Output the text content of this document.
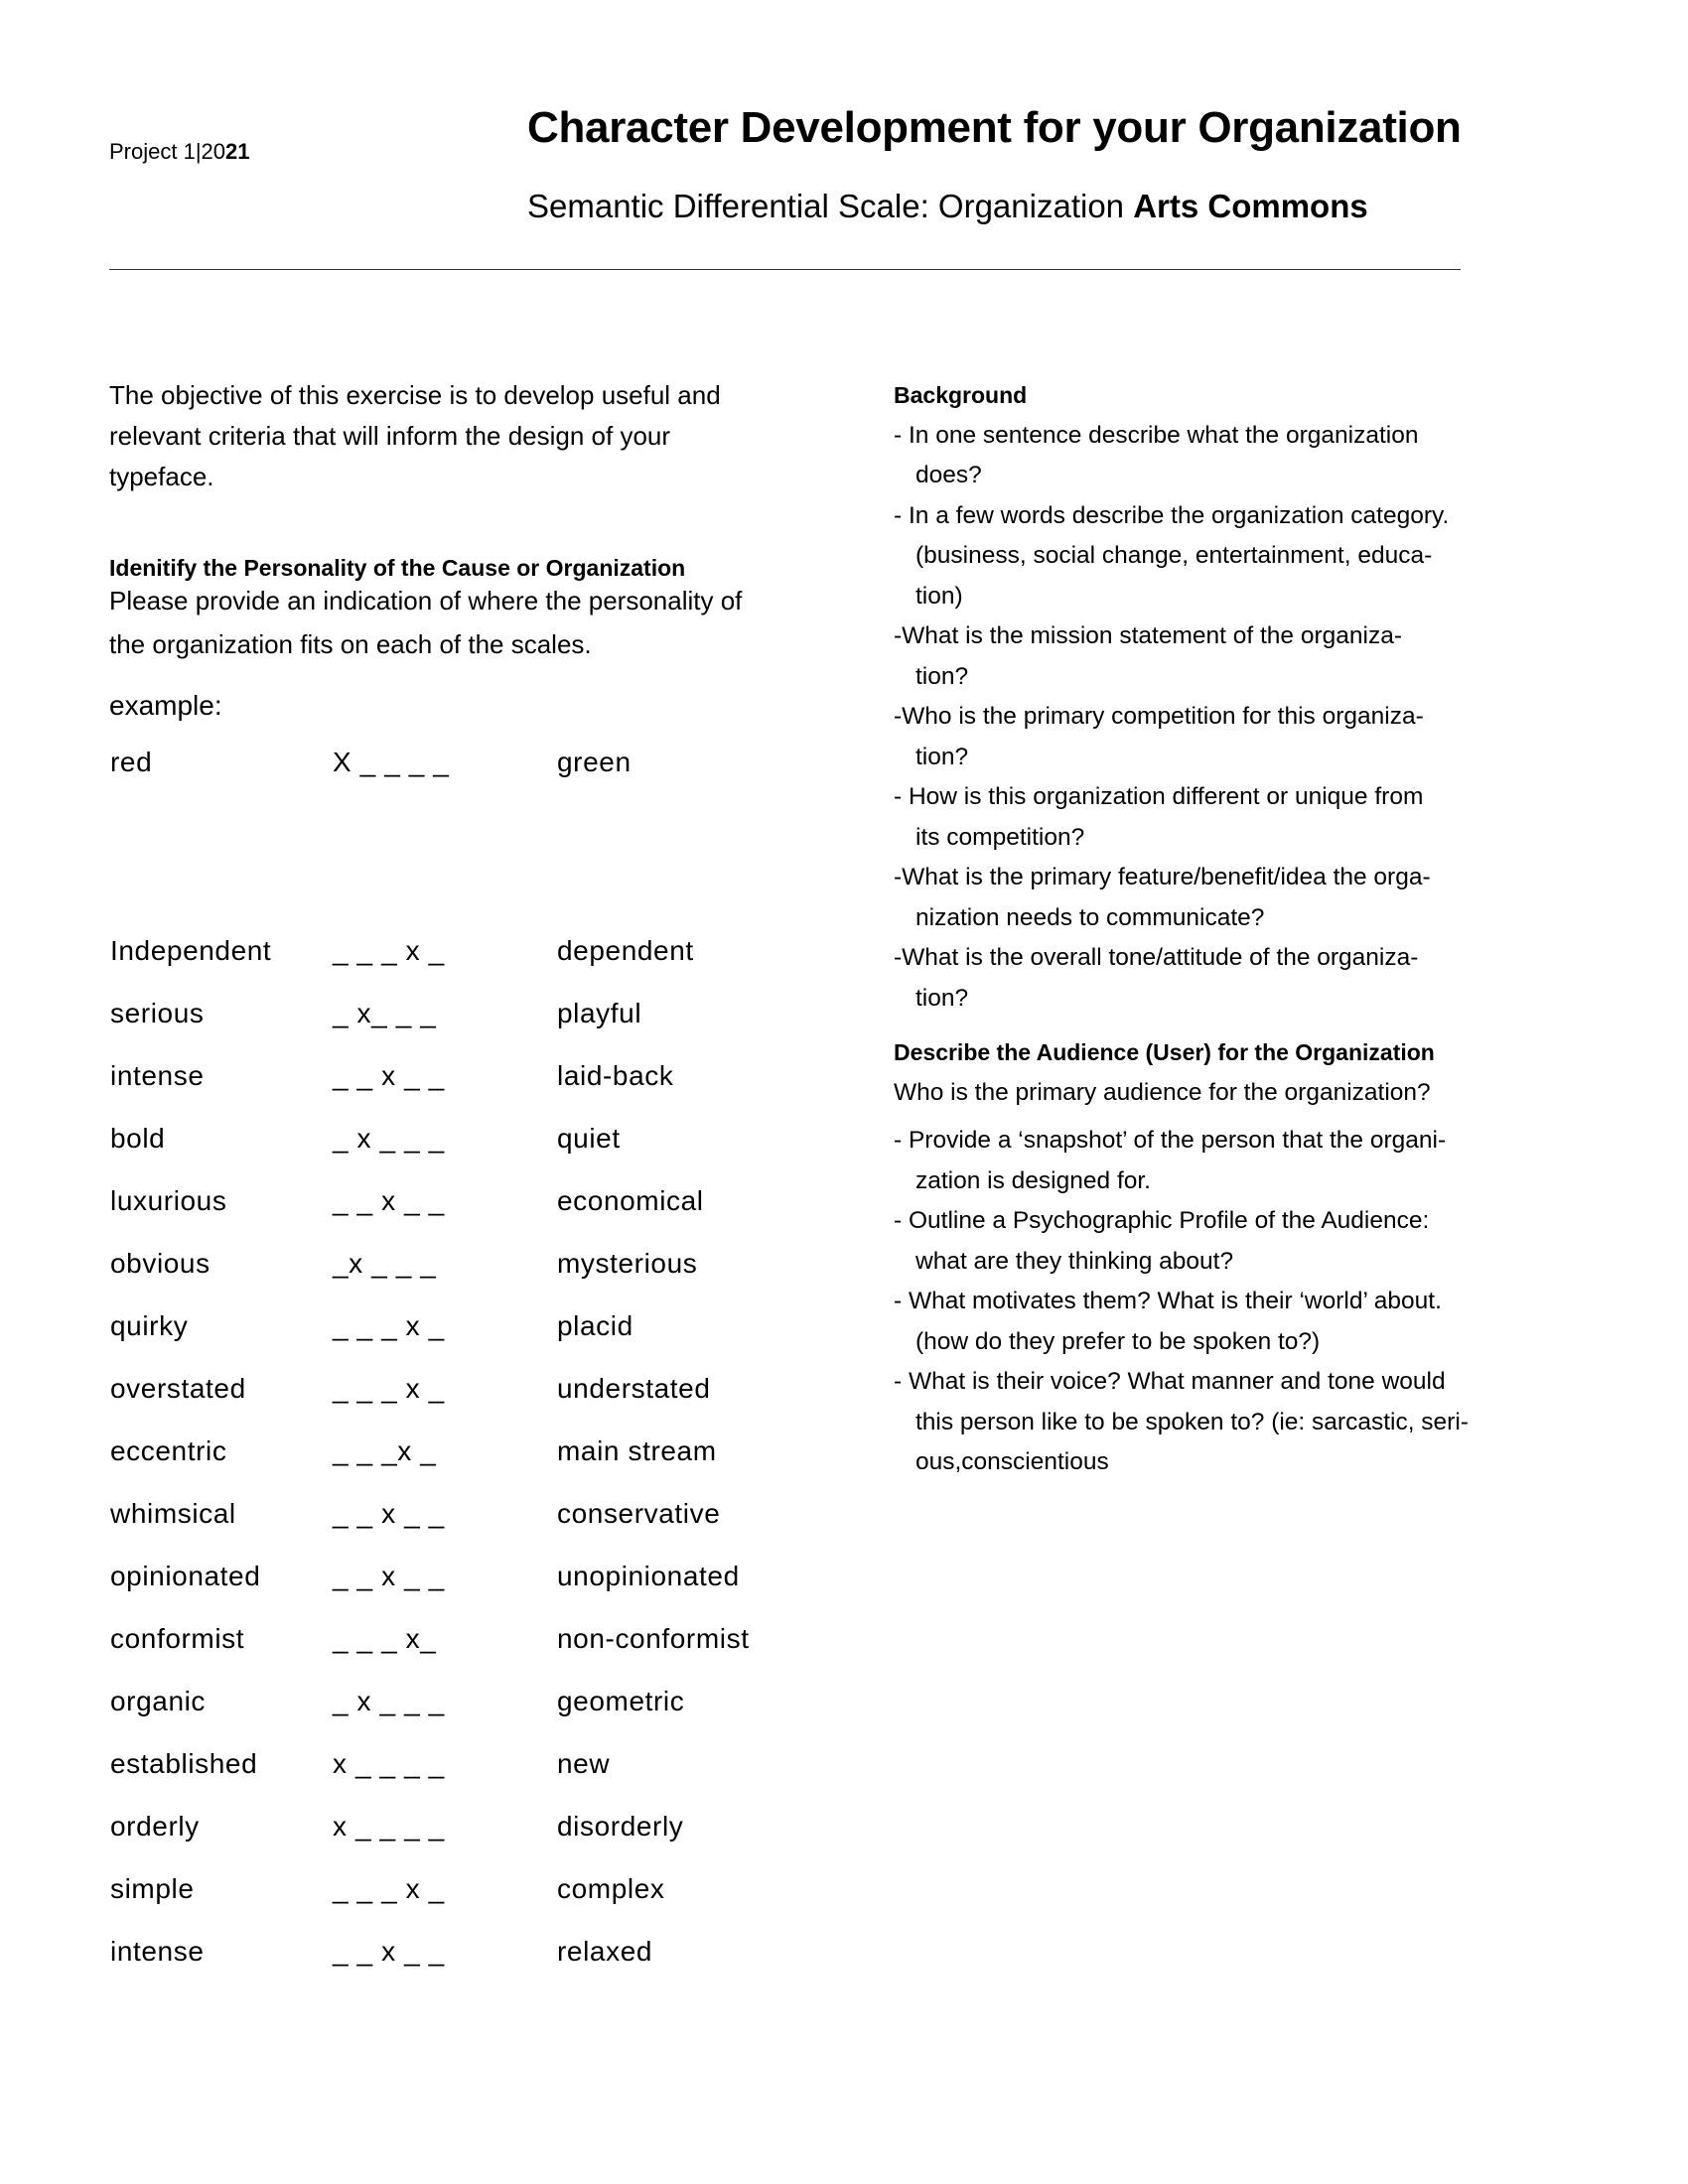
Project 1|2021	Character Development for your Organization
Semantic Differential Scale: Organization Arts Commons
The objective of this exercise is to develop useful and
relevant criteria that will inform the design of your
typeface.
Idenitify the Personality of the Cause or Organization
Please provide an indication of where the personality of
the organization fits on each of the scales.
example:
red	X _ _ _ _	green
Independent _ _ _ x _	dependent
serious	_ x_ _ _	playful
intense	_ _ x _ _	laid-back
bold	_ x _ _ _	quiet
luxurious	_ _ x _ _	economical
obvious	_x _ _ _	mysterious
quirky	_ _ _ x _	placid
overstated	_ _ _ x _	understated
eccentric	_ _ _x _	main stream
whimsical	_ _ x _ _	conservative
opinionated	_ _ x _ _	unopinionated
conformist	_ _ _ x_	non-conformist
organic	_ x _ _ _	geometric
established	x _ _ _ _	new
orderly	x _ _ _ _	disorderly
simple	_ _ _ x _	complex
intense	_ _ x _ _	relaxed
Background
- In one sentence describe what the organization
does?
- In a few words describe the organization category.
(business, social change, entertainment, educa-
tion)
-What is the mission statement of the organiza-
tion?
-Who is the primary competition for this organiza-
tion?
- How is this organization different or unique from
its competition?
-What is the primary feature/benefit/idea the orga-
nization needs to communicate?
-What is the overall tone/attitude of the organiza-
tion?
Describe the Audience (User) for the Organization
Who is the primary audience for the organization?
- Provide a ‘snapshot’ of the person that the organi-
zation is designed for.
- Outline a Psychographic Profile of the Audience:
what are they thinking about?
- What motivates them? What is their ‘world’ about.
(how do they prefer to be spoken to?)
- What is their voice? What manner and tone would
this person like to be spoken to? (ie: sarcastic, seri-
ous,conscientious
